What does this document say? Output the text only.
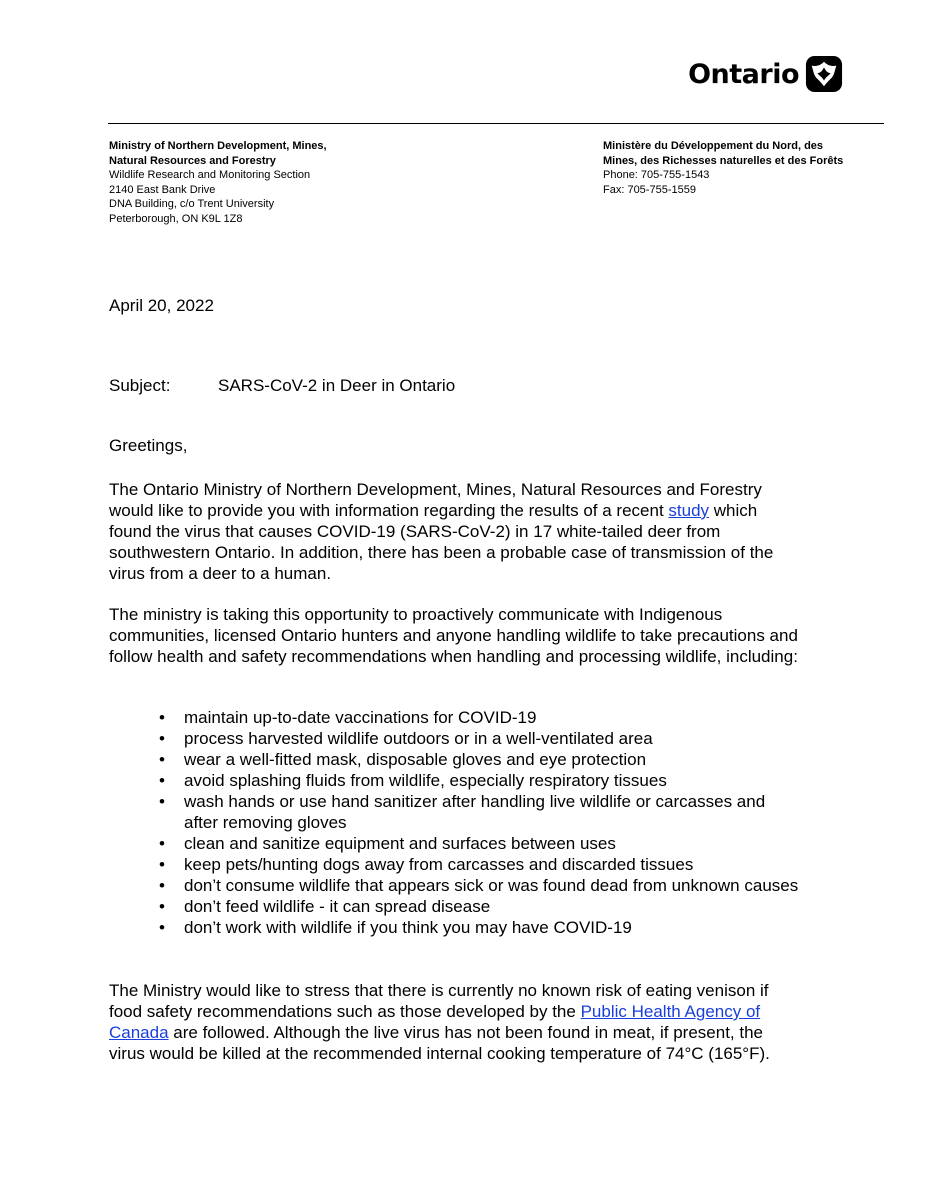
Ontario
Ministry of Northern Development, Mines,
Natural Resources and Forestry
Wildlife Research and Monitoring Section
2140 East Bank Drive
DNA Building, c/o Trent University
Peterborough, ON K9L 1Z8
Ministère du Développement du Nord, des
Mines, des Richesses naturelles et des Forêts
Phone: 705-755-1543
Fax: 705-755-1559
April 20, 2022
Subject:	SARS-CoV-2 in Deer in Ontario
Greetings,
The Ontario Ministry of Northern Development, Mines, Natural Resources and Forestry would like to provide you with information regarding the results of a recent study which found the virus that causes COVID-19 (SARS-CoV-2) in 17 white-tailed deer from southwestern Ontario. In addition, there has been a probable case of transmission of the virus from a deer to a human.
The ministry is taking this opportunity to proactively communicate with Indigenous communities, licensed Ontario hunters and anyone handling wildlife to take precautions and follow health and safety recommendations when handling and processing wildlife, including:
• maintain up-to-date vaccinations for COVID-19
• process harvested wildlife outdoors or in a well-ventilated area
• wear a well-fitted mask, disposable gloves and eye protection
• avoid splashing fluids from wildlife, especially respiratory tissues
• wash hands or use hand sanitizer after handling live wildlife or carcasses and after removing gloves
• clean and sanitize equipment and surfaces between uses
• keep pets/hunting dogs away from carcasses and discarded tissues
• don’t consume wildlife that appears sick or was found dead from unknown causes
• don’t feed wildlife - it can spread disease
• don’t work with wildlife if you think you may have COVID-19
The Ministry would like to stress that there is currently no known risk of eating venison if food safety recommendations such as those developed by the Public Health Agency of Canada are followed. Although the live virus has not been found in meat, if present, the virus would be killed at the recommended internal cooking temperature of 74°C (165°F).
